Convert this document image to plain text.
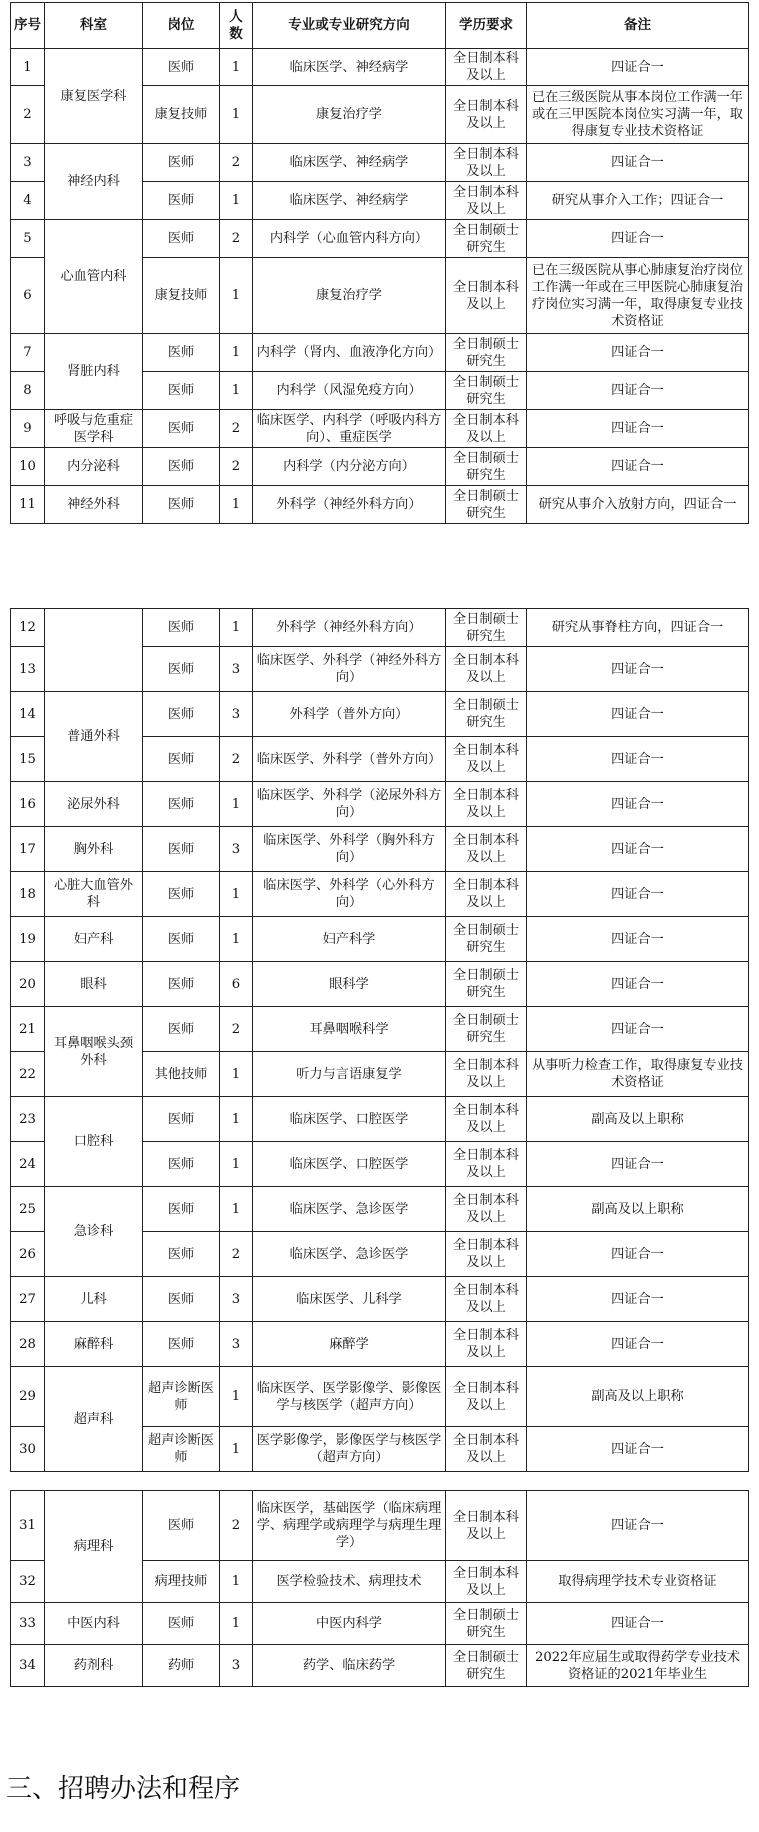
序号	科室	岗位	人数	专业或专业研究方向	学历要求	备注
1	康复医学科	医师	1	临床医学、神经病学	全日制本科及以上	四证合一
2		康复技师	1	康复治疗学	全日制本科及以上	已在三级医院从事本岗位工作满一年或在三甲医院本岗位实习满一年，取得康复专业技术资格证
3	神经内科	医师	2	临床医学、神经病学	全日制本科及以上	四证合一
4		医师	1	临床医学、神经病学	全日制本科及以上	研究从事介入工作；四证合一
5	心血管内科	医师	2	内科学（心血管内科方向）	全日制硕士研究生	四证合一
6		康复技师	1	康复治疗学	全日制本科及以上	已在三级医院从事心肺康复治疗岗位工作满一年或在三甲医院心肺康复治疗岗位实习满一年，取得康复专业技术资格证
7	肾脏内科	医师	1	内科学（肾内、血液净化方向）	全日制硕士研究生	四证合一
8		医师	1	内科学（风湿免疫方向）	全日制硕士研究生	四证合一
9	呼吸与危重症医学科	医师	2	临床医学、内科学（呼吸内科方向）、重症医学	全日制本科及以上	四证合一
10	内分泌科	医师	2	内科学（内分泌方向）	全日制硕士研究生	四证合一
11	神经外科	医师	1	外科学（神经外科方向）	全日制硕士研究生	研究从事介入放射方向，四证合一
12		医师	1	外科学（神经外科方向）	全日制硕士研究生	研究从事脊柱方向，四证合一
13		医师	3	临床医学、外科学（神经外科方向）	全日制本科及以上	四证合一
14	普通外科	医师	3	外科学（普外方向）	全日制硕士研究生	四证合一
15		医师	2	临床医学、外科学（普外方向）	全日制本科及以上	四证合一
16	泌尿外科	医师	1	临床医学、外科学（泌尿外科方向）	全日制本科及以上	四证合一
17	胸外科	医师	3	临床医学、外科学（胸外科方向）	全日制本科及以上	四证合一
18	心脏大血管外科	医师	1	临床医学、外科学（心外科方向）	全日制本科及以上	四证合一
19	妇产科	医师	1	妇产科学	全日制硕士研究生	四证合一
20	眼科	医师	6	眼科学	全日制硕士研究生	四证合一
21	耳鼻咽喉头颈外科	医师	2	耳鼻咽喉科学	全日制硕士研究生	四证合一
22		其他技师	1	听力与言语康复学	全日制本科及以上	从事听力检查工作，取得康复专业技术资格证
23	口腔科	医师	1	临床医学、口腔医学	全日制本科及以上	副高及以上职称
24		医师	1	临床医学、口腔医学	全日制本科及以上	四证合一
25	急诊科	医师	1	临床医学、急诊医学	全日制本科及以上	副高及以上职称
26		医师	2	临床医学、急诊医学	全日制本科及以上	四证合一
27	儿科	医师	3	临床医学、儿科学	全日制本科及以上	四证合一
28	麻醉科	医师	3	麻醉学	全日制本科及以上	四证合一
29	超声科	超声诊断医师	1	临床医学、医学影像学、影像医学与核医学（超声方向）	全日制本科及以上	副高及以上职称
30		超声诊断医师	1	医学影像学，影像医学与核医学（超声方向）	全日制本科及以上	四证合一
31	病理科	医师	2	临床医学，基础医学（临床病理学、病理学或病理学与病理生理学）	全日制本科及以上	四证合一
32		病理技师	1	医学检验技术、病理技术	全日制本科及以上	取得病理学技术专业资格证
33	中医内科	医师	1	中医内科学	全日制硕士研究生	四证合一
34	药剂科	药师	3	药学、临床药学	全日制硕士研究生	2022年应届生或取得药学专业技术资格证的2021年毕业生
三、招聘办法和程序
